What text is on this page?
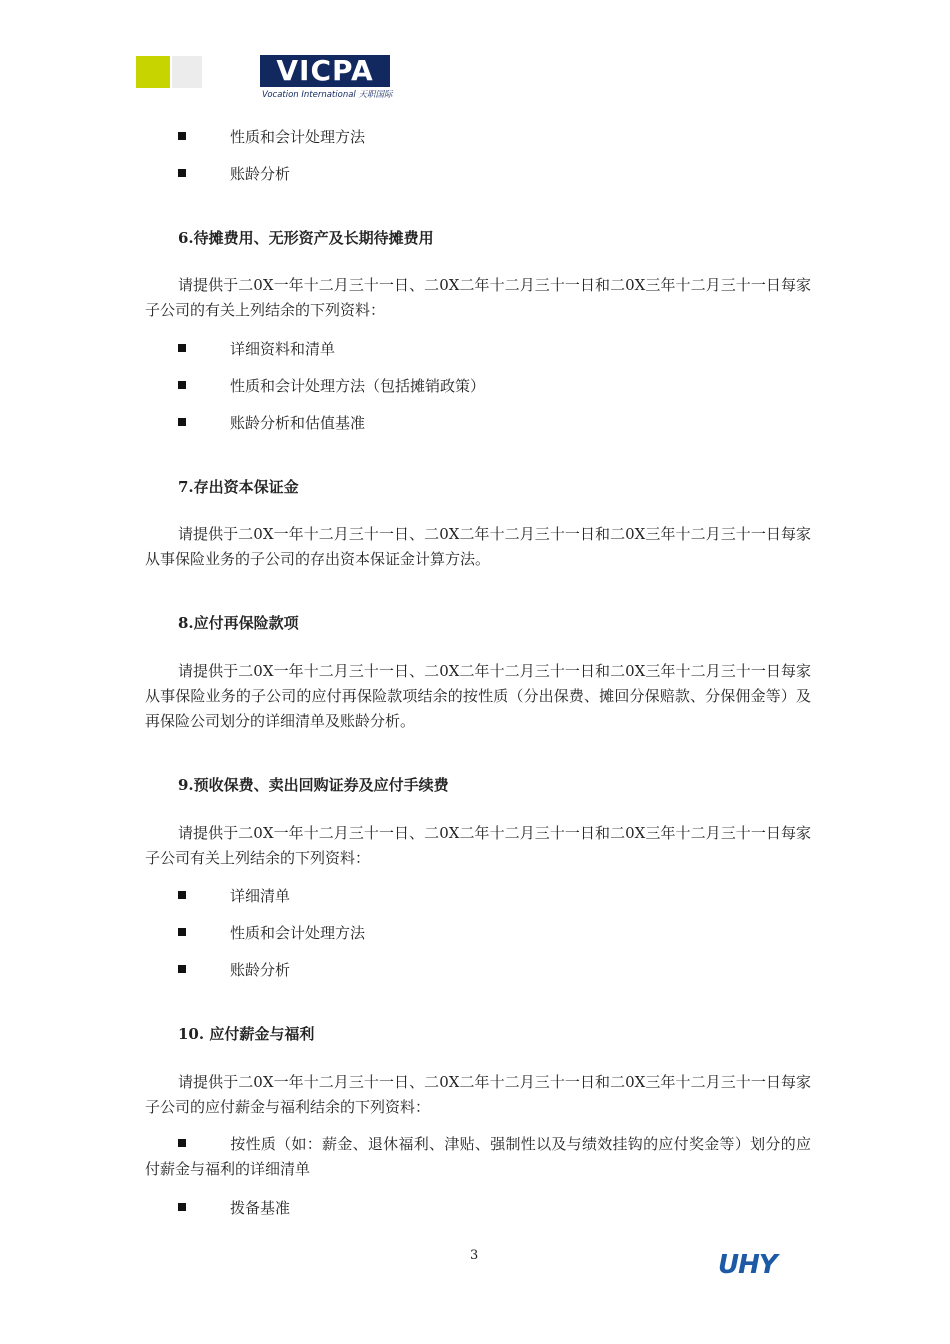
VICPA
Vocation International 天职国际
性质和会计处理方法
账龄分析
6.待摊费用、无形资产及长期待摊费用
请提供于二0X一年十二月三十一日、二0X二年十二月三十一日和二0X三年十二月三十一日每家子公司的有关上列结余的下列资料：
详细资料和清单
性质和会计处理方法（包括摊销政策）
账龄分析和估值基准
7.存出资本保证金
请提供于二0X一年十二月三十一日、二0X二年十二月三十一日和二0X三年十二月三十一日每家从事保险业务的子公司的存出资本保证金计算方法。
8.应付再保险款项
请提供于二0X一年十二月三十一日、二0X二年十二月三十一日和二0X三年十二月三十一日每家从事保险业务的子公司的应付再保险款项结余的按性质（分出保费、摊回分保赔款、分保佣金等）及再保险公司划分的详细清单及账龄分析。
9.预收保费、卖出回购证券及应付手续费
请提供于二0X一年十二月三十一日、二0X二年十二月三十一日和二0X三年十二月三十一日每家子公司有关上列结余的下列资料：
详细清单
性质和会计处理方法
账龄分析
10. 应付薪金与福利
请提供于二0X一年十二月三十一日、二0X二年十二月三十一日和二0X三年十二月三十一日每家子公司的应付薪金与福利结余的下列资料：
按性质（如：薪金、退休福利、津贴、强制性以及与绩效挂钩的应付奖金等）划分的应付薪金与福利的详细清单
拨备基准
3	UHY
